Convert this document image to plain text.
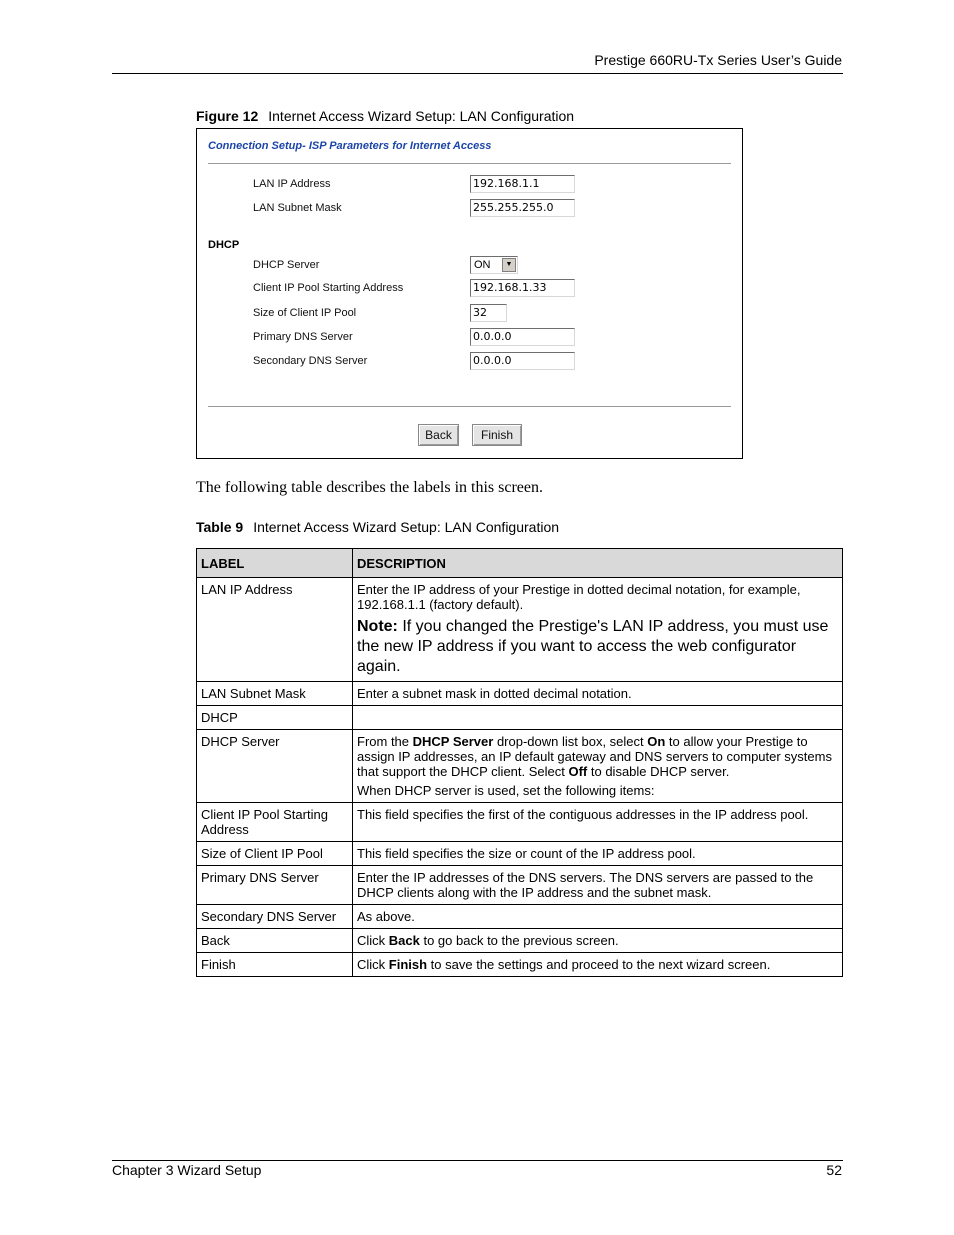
Prestige 660RU-Tx Series User’s Guide
Figure 12 Internet Access Wizard Setup: LAN Configuration
Connection Setup- ISP Parameters for Internet Access
LAN IP Address	192.168.1.1
LAN Subnet Mask	255.255.255.0
DHCP
DHCP Server	ON	▼
Client IP Pool Starting Address	192.168.1.33
Size of Client IP Pool	32
Primary DNS Server	0.0.0.0
Secondary DNS Server	0.0.0.0
Back	Finish
The following table describes the labels in this screen.
Table 9 Internet Access Wizard Setup: LAN Configuration
LABEL	DESCRIPTION
LAN IP Address	Enter the IP address of your Prestige in dotted decimal notation, for example, 192.168.1.1 (factory default).

Note: If you changed the Prestige's LAN IP address, you must use the new IP address if you want to access the web configurator again.

LAN Subnet Mask	Enter a subnet mask in dotted decimal notation.
DHCP	
DHCP Server	From the DHCP Server drop-down list box, select On to allow your Prestige to assign IP addresses, an IP default gateway and DNS servers to computer systems that support the DHCP client. Select Off to disable DHCP server.

When DHCP server is used, set the following items:

Client IP Pool Starting Address	This field specifies the first of the contiguous addresses in the IP address pool.
Size of Client IP Pool	This field specifies the size or count of the IP address pool.
Primary DNS Server	Enter the IP addresses of the DNS servers. The DNS servers are passed to the DHCP clients along with the IP address and the subnet mask.
Secondary DNS Server	As above.
Back	Click Back to go back to the previous screen.
Finish	Click Finish to save the settings and proceed to the next wizard screen.
Chapter 3 Wizard Setup	52
